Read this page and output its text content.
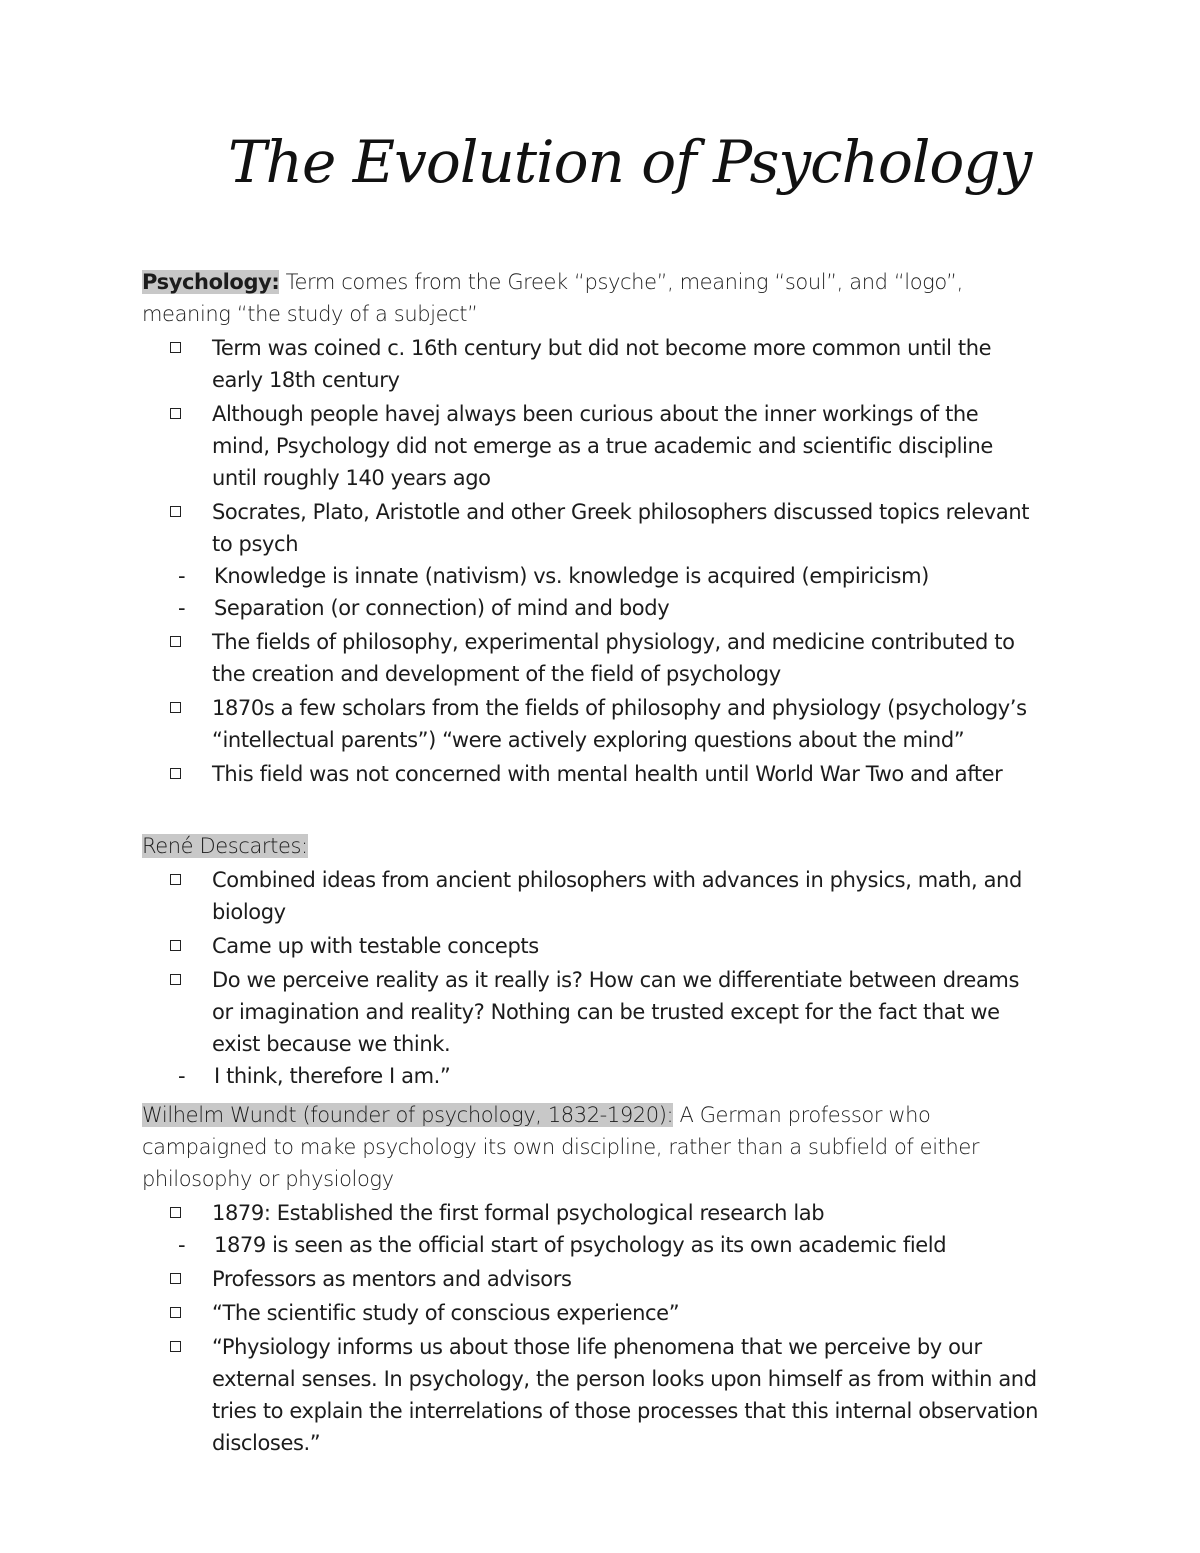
The Evolution of Psychology

Psychology: Term comes from the Greek “psyche”, meaning “soul”, and “logo”, meaning “the study of a subject”

Term was coined c. 16th century but did not become more common until the early 18th century
Although people havej always been curious about the inner workings of the mind, Psychology did not emerge as a true academic and scientific discipline until roughly 140 years ago
Socrates, Plato, Aristotle and other Greek philosophers discussed topics relevant to psych
- Knowledge is innate (nativism) vs. knowledge is acquired (empiricism)
- Separation (or connection) of mind and body
The fields of philosophy, experimental physiology, and medicine contributed to the creation and development of the field of psychology
1870s a few scholars from the fields of philosophy and physiology (psychology’s “intellectual parents”) “were actively exploring questions about the mind”
This field was not concerned with mental health until World War Two and after

René Descartes:

Combined ideas from ancient philosophers with advances in physics, math, and biology
Came up with testable concepts
Do we perceive reality as it really is? How can we differentiate between dreams or imagination and reality? Nothing can be trusted except for the fact that we exist because we think.
- I think, therefore I am.”

Wilhelm Wundt (founder of psychology, 1832-1920): A German professor who campaigned to make psychology its own discipline, rather than a subfield of either philosophy or physiology

1879: Established the first formal psychological research lab
- 1879 is seen as the official start of psychology as its own academic field
Professors as mentors and advisors
“The scientific study of conscious experience”
“Physiology informs us about those life phenomena that we perceive by our external senses. In psychology, the person looks upon himself as from within and tries to explain the interrelations of those processes that this internal observation discloses.”
